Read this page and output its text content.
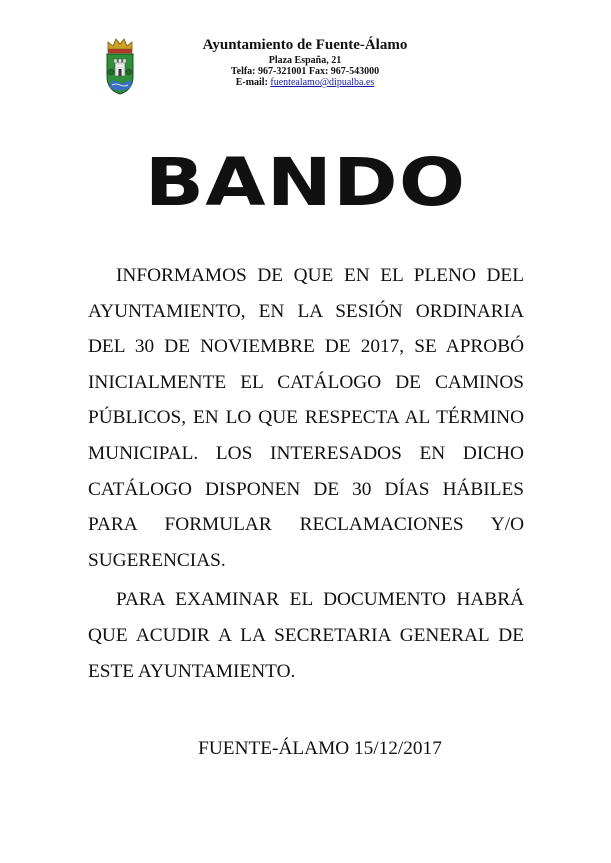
Ayuntamiento de Fuente-Álamo
Plaza España, 21
Telfa: 967-321001 Fax: 967-543000
E-mail: fuentealamo@dipualba.es
BANDO

INFORMAMOS DE QUE EN EL PLENO DEL AYUNTAMIENTO, EN LA SESIÓN ORDINARIA DEL 30 DE NOVIEMBRE DE 2017, SE APROBÓ INICIALMENTE EL CATÁLOGO DE CAMINOS PÚBLICOS, EN LO QUE RESPECTA AL TÉRMINO MUNICIPAL. LOS INTERESADOS EN DICHO CATÁLOGO DISPONEN DE 30 DÍAS HÁBILES PARA FORMULAR RECLAMACIONES Y/O SUGERENCIAS.

PARA EXAMINAR EL DOCUMENTO HABRÁ QUE ACUDIR A LA SECRETARIA GENERAL DE ESTE AYUNTAMIENTO.

FUENTE-ÁLAMO 15/12/2017
